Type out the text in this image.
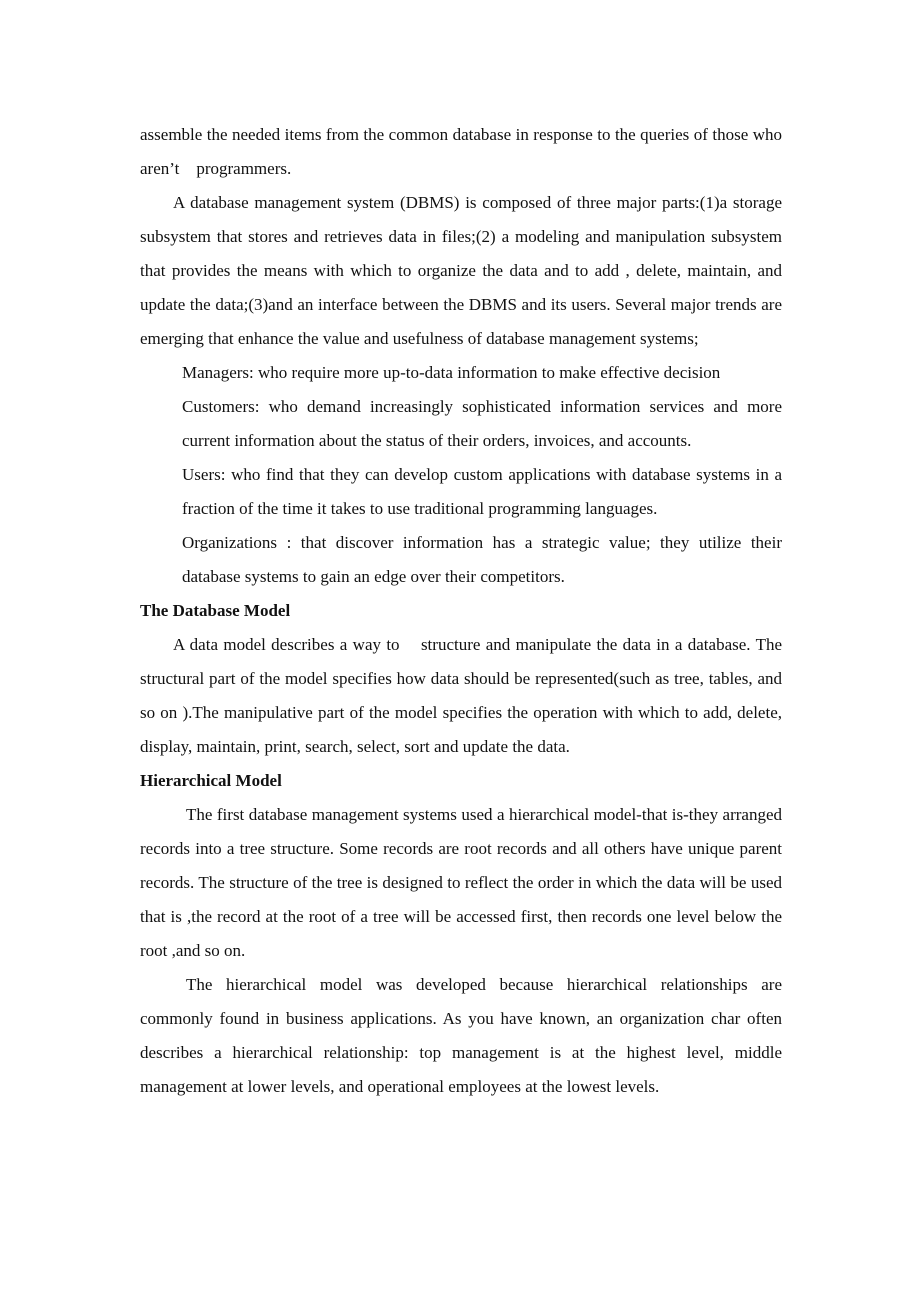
assemble the needed items from the common database in response to the queries of those who aren’t    programmers.

A database management system (DBMS) is composed of three major parts:(1)a storage subsystem that stores and retrieves data in files;(2) a modeling and manipulation subsystem that provides the means with which to organize the data and to add , delete, maintain, and update the data;(3)and an interface between the DBMS and its users. Several major trends are emerging that enhance the value and usefulness of database management systems;

Managers: who require more up-to-data information to make effective decision

Customers: who demand increasingly sophisticated information services and more current information about the status of their orders, invoices, and accounts.

Users: who find that they can develop custom applications with database systems in a fraction of the time it takes to use traditional programming languages.

Organizations : that discover information has a strategic value; they utilize their database systems to gain an edge over their competitors.

The Database Model

A data model describes a way to    structure and manipulate the data in a database. The structural part of the model specifies how data should be represented(such as tree, tables, and so on ).The manipulative part of the model specifies the operation with which to add, delete, display, maintain, print, search, select, sort and update the data.

Hierarchical Model

The first database management systems used a hierarchical model-that is-they arranged records into a tree structure. Some records are root records and all others have unique parent records. The structure of the tree is designed to reflect the order in which the data will be used that is ,the record at the root of a tree will be accessed first, then records one level below the root ,and so on.

The hierarchical model was developed because hierarchical relationships are commonly found in business applications. As you have known, an organization char often describes a hierarchical relationship: top management is at the highest level, middle management at lower levels, and operational employees at the lowest levels.
